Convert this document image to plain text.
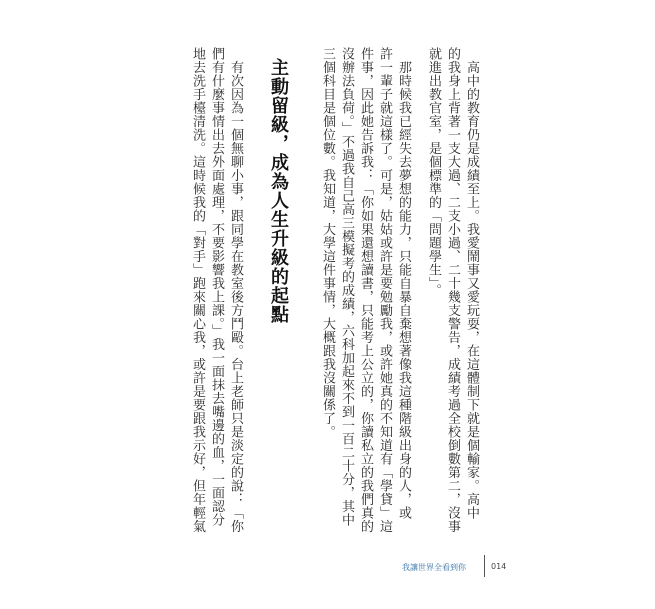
　高中的教育仍是成績至上。我愛鬧事又愛玩耍，在這體制下就是個輸家。高中
的我身上背著一支大過、二支小過、二十幾支警告，成績考過全校倒數第二，沒事
就進出教官室，是個標準的「問題學生」。
　那時候我已經失去夢想的能力，只能自暴自棄想著像我這種階級出身的人，或
許一輩子就這樣了。可是，姑姑或許是要勉勵我，或許她真的不知道有「學貸」這
件事，因此她告訴我：「你如果還想讀書，只能考上公立的，你讀私立的我們真的
沒辦法負荷。」不過我自己高三模擬考的成績，六科加起來不到一百二十分，其中
三個科目是個位數。我知道，大學這件事情，大概跟我沒關係了。
主動留級，成為人生升級的起點
　有次因為一個無聊小事，跟同學在教室後方鬥毆。台上老師只是淡定的說：「你
們有什麼事情出去外面處理，不要影響我上課。」我一面抹去嘴邊的血，一面認分
地去洗手檯清洗。這時候我的「對手」跑來關心我，或許是要跟我示好，但年輕氣
我讓世界全看到你	014
